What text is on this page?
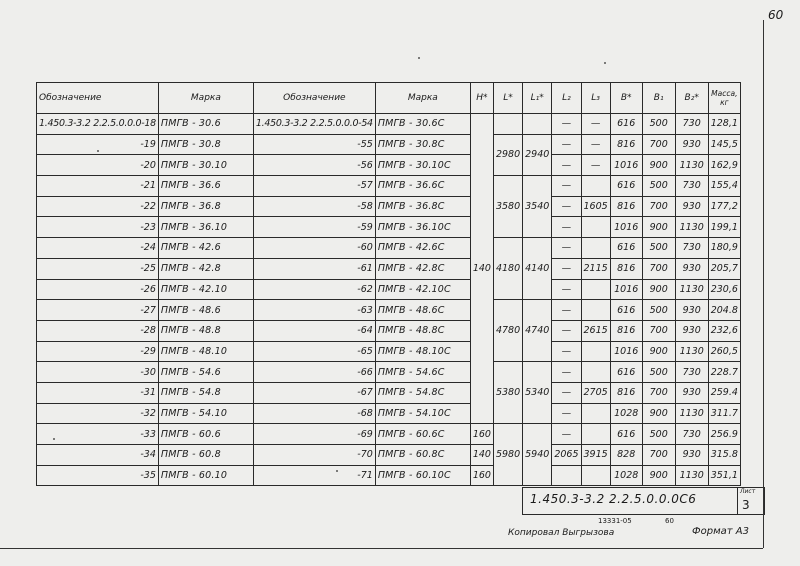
60
Обозначение	Марка	Обозначение	Марка	H*	L*	L₁*	L₂	L₃	B*	B₁	B₂*	Масса, кг
1.450.3-3.2 2.2.5.0.0.0-18	ПМГВ - 30.6	1.450.3-3.2 2.2.5.0.0.0-54	ПМГВ - 30.6С	140			—	—	616	500	730	128,1
-19	ПМГВ - 30.8	-55	ПМГВ - 30.8С		2980	2940	—	—	816	700	930	145,5
-20	ПМГВ - 30.10	-56	ПМГВ - 30.10С				—	—	1016	900	1130	162,9
-21	ПМГВ - 36.6	-57	ПМГВ - 36.6С		3580	3540	—		616	500	730	155,4
-22	ПМГВ - 36.8	-58	ПМГВ - 36.8С				—	1605	816	700	930	177,2
-23	ПМГВ - 36.10	-59	ПМГВ - 36.10С				—		1016	900	1130	199,1
-24	ПМГВ - 42.6	-60	ПМГВ - 42.6С		4180	4140	—		616	500	730	180,9
-25	ПМГВ - 42.8	-61	ПМГВ - 42.8С				—	2115	816	700	930	205,7
-26	ПМГВ - 42.10	-62	ПМГВ - 42.10С				—		1016	900	1130	230,6
-27	ПМГВ - 48.6	-63	ПМГВ - 48.6С		4780	4740	—		616	500	930	204.8
-28	ПМГВ - 48.8	-64	ПМГВ - 48.8С				—	2615	816	700	930	232,6
-29	ПМГВ - 48.10	-65	ПМГВ - 48.10С				—		1016	900	1130	260,5
-30	ПМГВ - 54.6	-66	ПМГВ - 54.6С		5380	5340	—		616	500	730	228.7
-31	ПМГВ - 54.8	-67	ПМГВ - 54.8С				—	2705	816	700	930	259.4
-32	ПМГВ - 54.10	-68	ПМГВ - 54.10С				—		1028	900	1130	311.7
-33	ПМГВ - 60.6	-69	ПМГВ - 60.6С	160	5980	5940	—		616	500	730	256.9
-34	ПМГВ - 60.8	-70	ПМГВ - 60.8С	140			2065	3915	828	700	930	315.8
-35	ПМГВ - 60.10	-71	ПМГВ - 60.10С	160					1028	900	1130	351,1
1.450.3-3.2 2.2.5.0.0.0С6
Лист
3
13331-05	60
Копировал Выгрызова	Формат А3
